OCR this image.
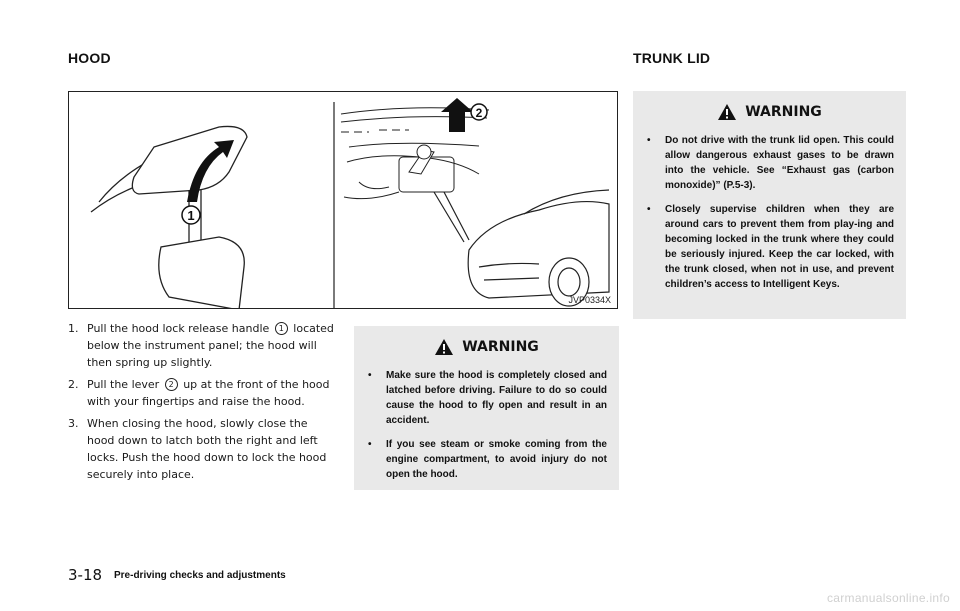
HOOD	TRUNK LID
1
2
JVP0334X
1. Pull the hood lock release handle 1 located below the instrument panel; the hood will then spring up slightly.
2. Pull the lever 2 up at the front of the hood with your fingertips and raise the hood.
3. When closing the hood, slowly close the hood down to latch both the right and left locks. Push the hood down to lock the hood securely into place.
WARNING
• Make sure the hood is completely closed and latched before driving. Failure to do so could cause the hood to fly open and result in an accident.
• If you see steam or smoke coming from the engine compartment, to avoid injury do not open the hood.
WARNING
• Do not drive with the trunk lid open. This could allow dangerous exhaust gases to be drawn into the vehicle. See “Exhaust gas (carbon monoxide)” (P.5-3).
• Closely supervise children when they are around cars to prevent them from play-ing and becoming locked in the trunk where they could be seriously injured. Keep the car locked, with the trunk closed, when not in use, and prevent children’s access to Intelligent Keys.
3-18 Pre-driving checks and adjustments
carmanualsonline.info
